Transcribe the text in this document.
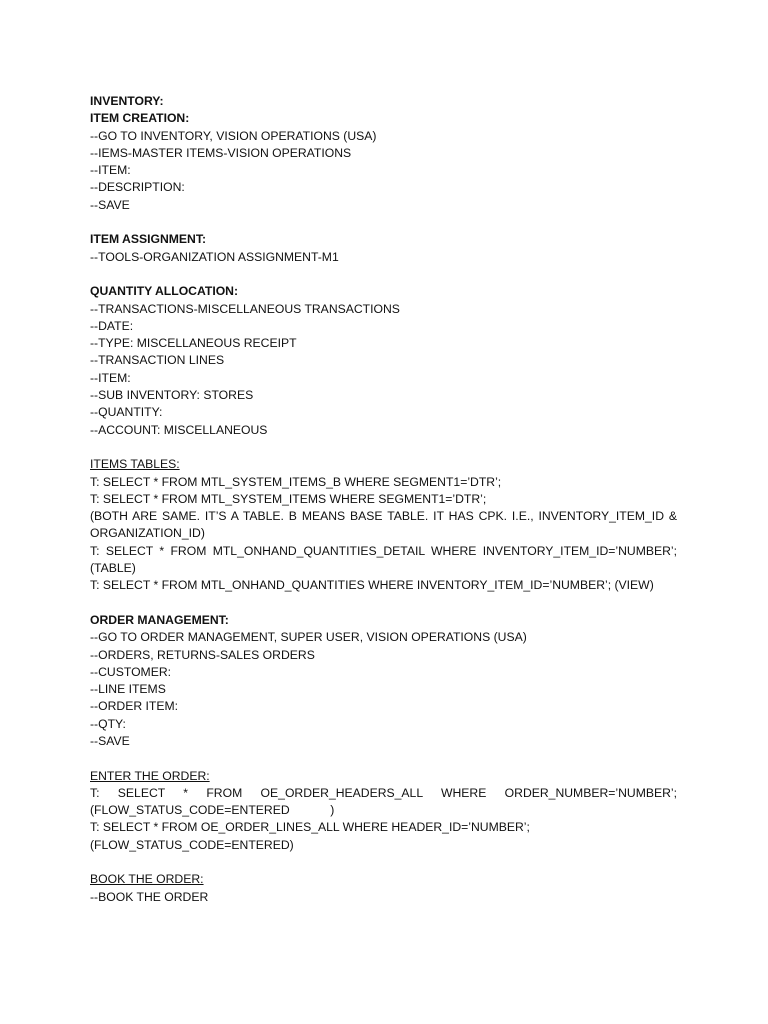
INVENTORY:
ITEM CREATION:
--GO TO INVENTORY, VISION OPERATIONS (USA)
--IEMS-MASTER ITEMS-VISION OPERATIONS
--ITEM:
--DESCRIPTION:
--SAVE
ITEM ASSIGNMENT:
--TOOLS-ORGANIZATION ASSIGNMENT-M1
QUANTITY ALLOCATION:
--TRANSACTIONS-MISCELLANEOUS TRANSACTIONS
--DATE:
--TYPE: MISCELLANEOUS RECEIPT
--TRANSACTION LINES
--ITEM:
--SUB INVENTORY: STORES
--QUANTITY:
--ACCOUNT: MISCELLANEOUS
ITEMS TABLES:
T: SELECT * FROM MTL_SYSTEM_ITEMS_B WHERE SEGMENT1=’DTR’;
T: SELECT * FROM MTL_SYSTEM_ITEMS WHERE SEGMENT1=’DTR’;
(BOTH ARE SAME. IT’S A TABLE. B MEANS BASE TABLE. IT HAS CPK. I.E., INVENTORY_ITEM_ID & ORGANIZATION_ID)
T: SELECT * FROM MTL_ONHAND_QUANTITIES_DETAIL WHERE INVENTORY_ITEM_ID=’NUMBER’; (TABLE)
T: SELECT * FROM MTL_ONHAND_QUANTITIES WHERE INVENTORY_ITEM_ID=’NUMBER’; (VIEW)
ORDER MANAGEMENT:
--GO TO ORDER MANAGEMENT, SUPER USER, VISION OPERATIONS (USA)
--ORDERS, RETURNS-SALES ORDERS
--CUSTOMER:
--LINE ITEMS
--ORDER ITEM:
--QTY:
--SAVE
ENTER THE ORDER:
T: SELECT * FROM OE_ORDER_HEADERS_ALL WHERE ORDER_NUMBER=’NUMBER’; (FLOW_STATUS_CODE=ENTERED            )
T: SELECT * FROM OE_ORDER_LINES_ALL WHERE HEADER_ID=’NUMBER’;
(FLOW_STATUS_CODE=ENTERED)
BOOK THE ORDER:
--BOOK THE ORDER
